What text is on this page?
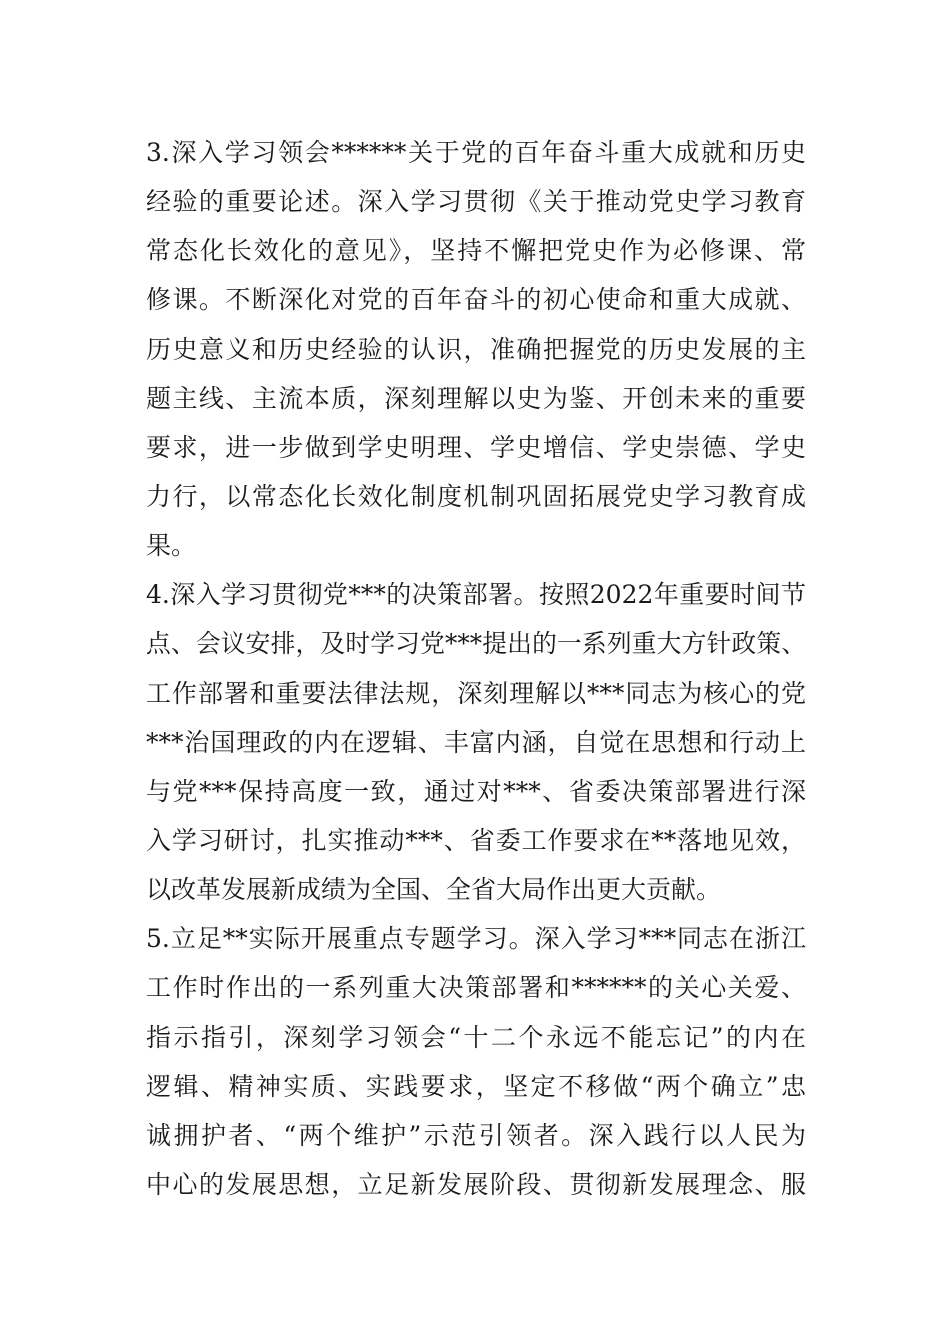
3.深入学习领会******关于党的百年奋斗重大成就和历史
经验的重要论述。深入学习贯彻《关于推动党史学习教育
常态化长效化的意见》，坚持不懈把党史作为必修课、常
修课。不断深化对党的百年奋斗的初心使命和重大成就、
历史意义和历史经验的认识，准确把握党的历史发展的主
题主线、主流本质，深刻理解以史为鉴、开创未来的重要
要求，进一步做到学史明理、学史增信、学史崇德、学史
力行，以常态化长效化制度机制巩固拓展党史学习教育成
果。
4.深入学习贯彻党***的决策部署。按照2022年重要时间节
点、会议安排，及时学习党***提出的一系列重大方针政策、
工作部署和重要法律法规，深刻理解以***同志为核心的党
***治国理政的内在逻辑、丰富内涵，自觉在思想和行动上
与党***保持高度一致，通过对***、省委决策部署进行深
入学习研讨，扎实推动***、省委工作要求在**落地见效，
以改革发展新成绩为全国、全省大局作出更大贡献。
5.立足**实际开展重点专题学习。深入学习***同志在浙江
工作时作出的一系列重大决策部署和******的关心关爱、
指示指引，深刻学习领会“十二个永远不能忘记”的内在
逻辑、精神实质、实践要求，坚定不移做“两个确立”忠
诚拥护者、“两个维护”示范引领者。深入践行以人民为
中心的发展思想，立足新发展阶段、贯彻新发展理念、服
